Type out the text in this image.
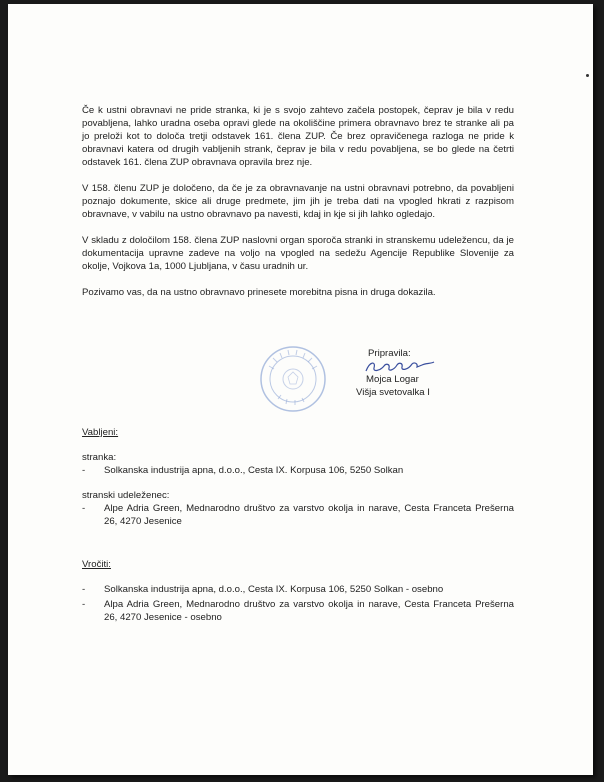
Če k ustni obravnavi ne pride stranka, ki je s svojo zahtevo začela postopek, čeprav je bila v redu povabljena, lahko uradna oseba opravi glede na okoliščine primera obravnavo brez te stranke ali pa jo preloži kot to določa tretji odstavek 161. člena ZUP. Če brez opravičenega razloga ne pride k obravnavi katera od drugih vabljenih strank, čeprav je bila v redu povabljena, se bo glede na četrti odstavek 161. člena ZUP obravnava opravila brez nje.

V 158. členu ZUP je določeno, da če je za obravnavanje na ustni obravnavi potrebno, da povabljeni poznajo dokumente, skice ali druge predmete, jim jih je treba dati na vpogled hkrati z razpisom obravnave, v vabilu na ustno obravnavo pa navesti, kdaj in kje si jih lahko ogledajo.

V skladu z določilom 158. člena ZUP naslovni organ sporoča stranki in stranskemu udeležencu, da je dokumentacija upravne zadeve na voljo na vpogled na sedežu Agencije Republike Slovenije za okolje, Vojkova 1a, 1000 Ljubljana, v času uradnih ur.

Pozivamo vas, da na ustno obravnavo prinesete morebitna pisna in druga dokazila.

Vabljeni:

stranka:

- Solkanska industrija apna, d.o.o., Cesta IX. Korpusa 106, 5250 Solkan

stranski udeleženec:

- Alpe Adria Green, Mednarodno društvo za varstvo okolja in narave, Cesta Franceta Prešerna 26, 4270 Jesenice

Vročiti:

- Solkanska industrija apna, d.o.o., Cesta IX. Korpusa 106, 5250 Solkan - osebno
- Alpa Adria Green, Mednarodno društvo za varstvo okolja in narave, Cesta Franceta Prešerna 26, 4270 Jesenice - osebno
Pripravila:
Mojca Logar
Višja svetovalka I
